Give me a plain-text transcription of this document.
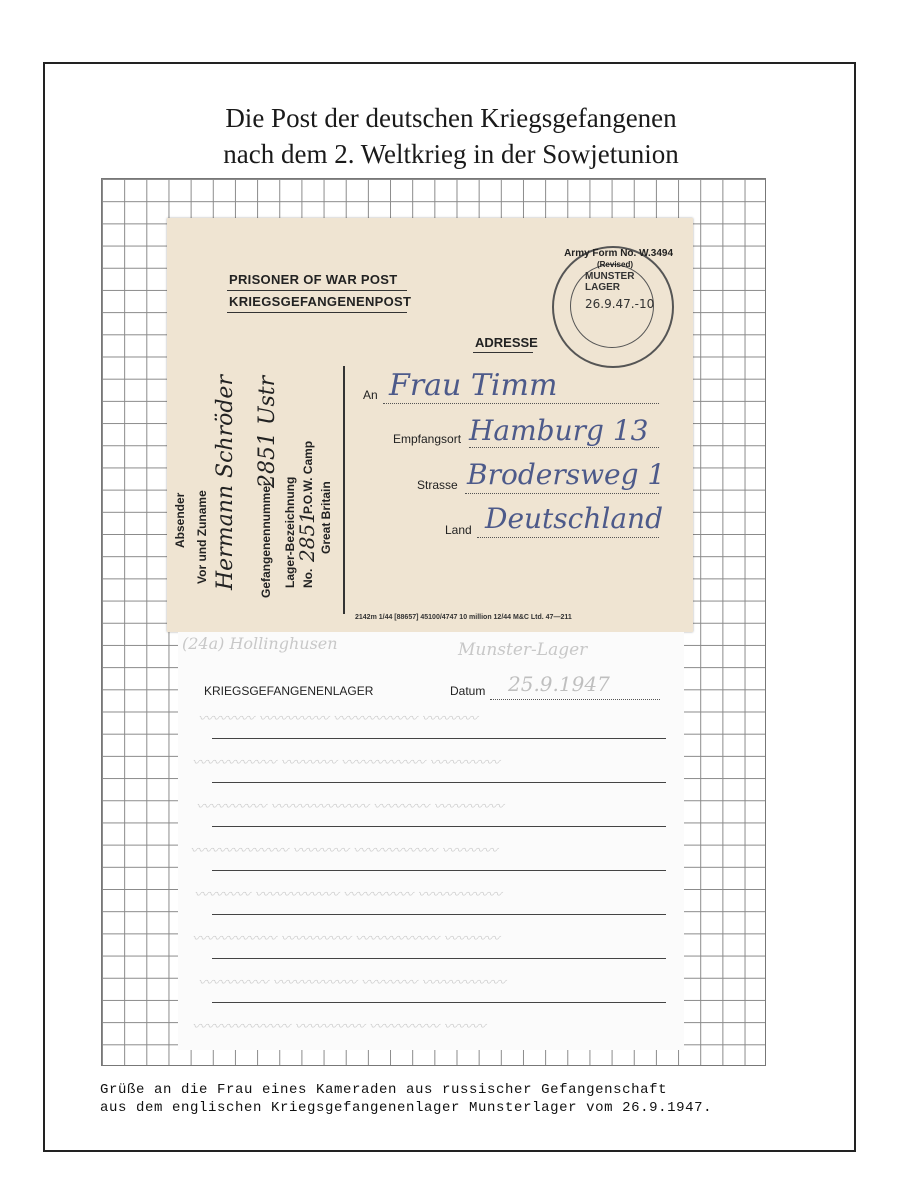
Die Post der deutschen Kriegsgefangenen
nach dem 2. Weltkrieg in der Sowjetunion
PRISONER OF WAR POST
KRIEGSGEFANGENENPOST
MUNSTER LAGER
26.9.47.-10
Army Form No. W.3494
(Revised)
ADRESSE
An Frau Timm
Empfangsort Hamburg 13
Strasse Brodersweg 1
Land Deutschland
Absender Vor und Zuname Hermann Schröder Gefangenennummer
2851 Ustr
Lager-Bezeichnung No.
2851
P.O.W. Camp
Great Britain
2142m 1/44 [88657] 45100/4747 10 million 12/44 M&C Ltd. 47—211
(24a) Hollinghusen	Munster-Lager
KRIEGSGEFANGENENLAGER	Datum 25.9.1947
〰〰〰〰 〰〰〰〰〰 〰〰〰〰〰〰 〰〰〰〰
〰〰〰〰〰〰 〰〰〰〰 〰〰〰〰〰〰 〰〰〰〰〰
〰〰〰〰〰 〰〰〰〰〰〰〰 〰〰〰〰 〰〰〰〰〰
〰〰〰〰〰〰〰 〰〰〰〰 〰〰〰〰〰〰 〰〰〰〰
〰〰〰〰 〰〰〰〰〰〰 〰〰〰〰〰 〰〰〰〰〰〰
〰〰〰〰〰〰 〰〰〰〰〰 〰〰〰〰〰〰 〰〰〰〰
〰〰〰〰〰 〰〰〰〰〰〰 〰〰〰〰 〰〰〰〰〰〰
〰〰〰〰〰〰〰 〰〰〰〰〰 〰〰〰〰〰 〰〰〰
Grüße an die Frau eines Kameraden aus russischer Gefangenschaft
aus dem englischen Kriegsgefangenenlager Munsterlager vom 26.9.1947.
